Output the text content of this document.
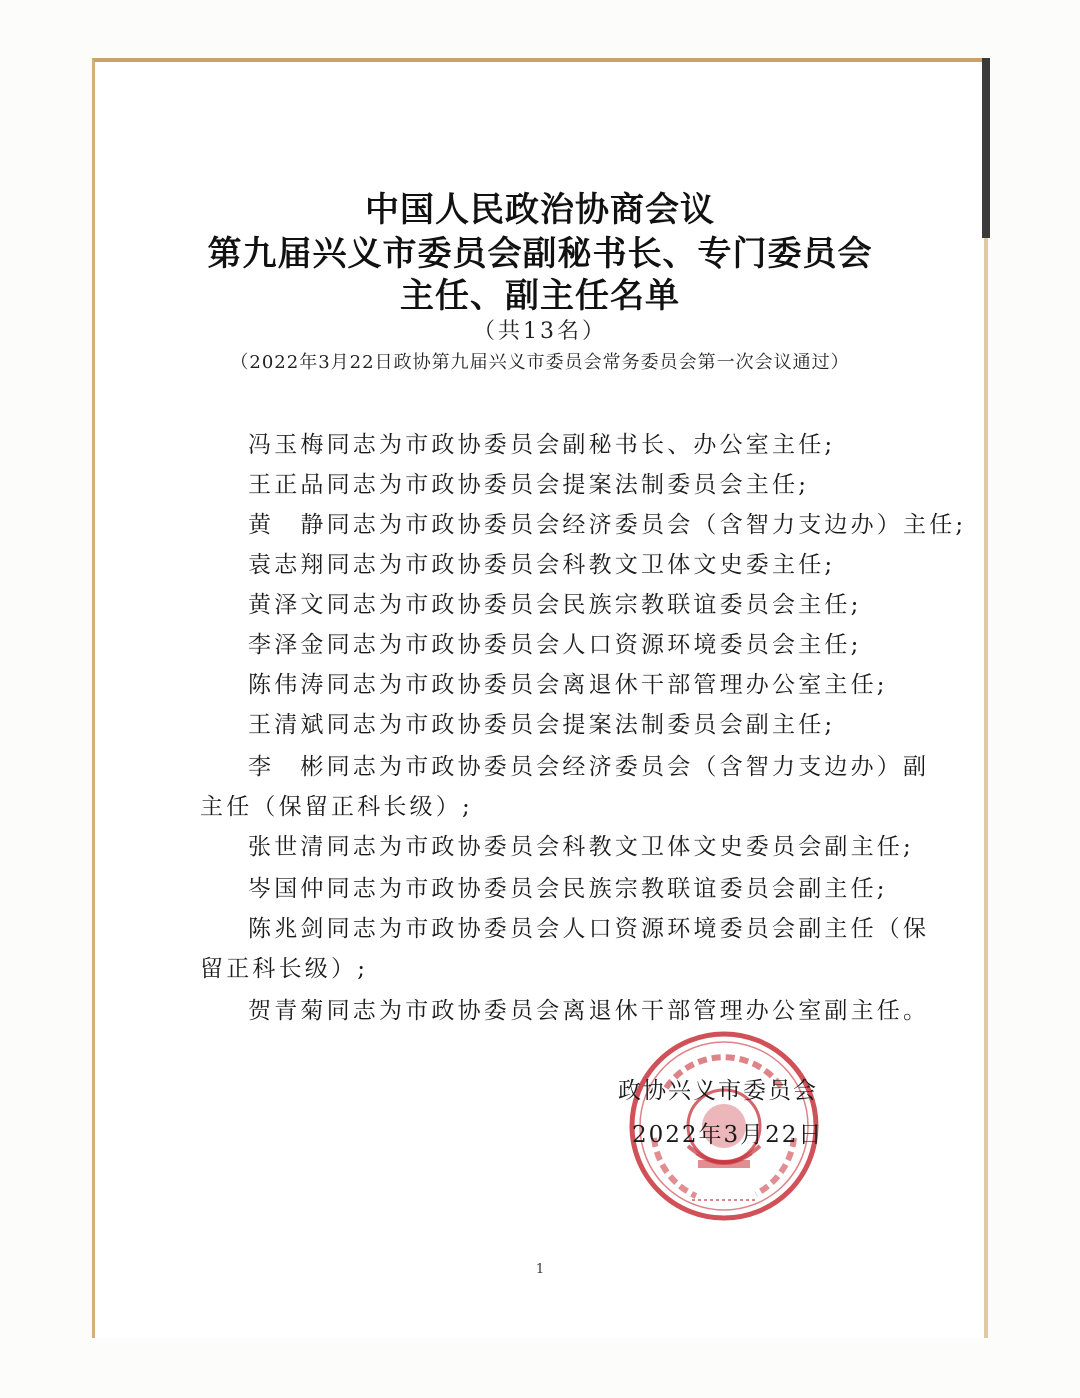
中国人民政治协商会议
第九届兴义市委员会副秘书长、专门委员会
主任、副主任名单
（共13名）
（2022年3月22日政协第九届兴义市委员会常务委员会第一次会议通过）
冯玉梅同志为市政协委员会副秘书长、办公室主任;
王正品同志为市政协委员会提案法制委员会主任;
黄　静同志为市政协委员会经济委员会（含智力支边办）主任;
袁志翔同志为市政协委员会科教文卫体文史委主任;
黄泽文同志为市政协委员会民族宗教联谊委员会主任;
李泽金同志为市政协委员会人口资源环境委员会主任;
陈伟涛同志为市政协委员会离退休干部管理办公室主任;
王清斌同志为市政协委员会提案法制委员会副主任;
李　彬同志为市政协委员会经济委员会（含智力支边办）副
主任（保留正科长级）;
张世清同志为市政协委员会科教文卫体文史委员会副主任;
岑国仲同志为市政协委员会民族宗教联谊委员会副主任;
陈兆剑同志为市政协委员会人口资源环境委员会副主任（保
留正科长级）;
贺青菊同志为市政协委员会离退休干部管理办公室副主任。
政协兴义市委员会
2022年3月22日
1
